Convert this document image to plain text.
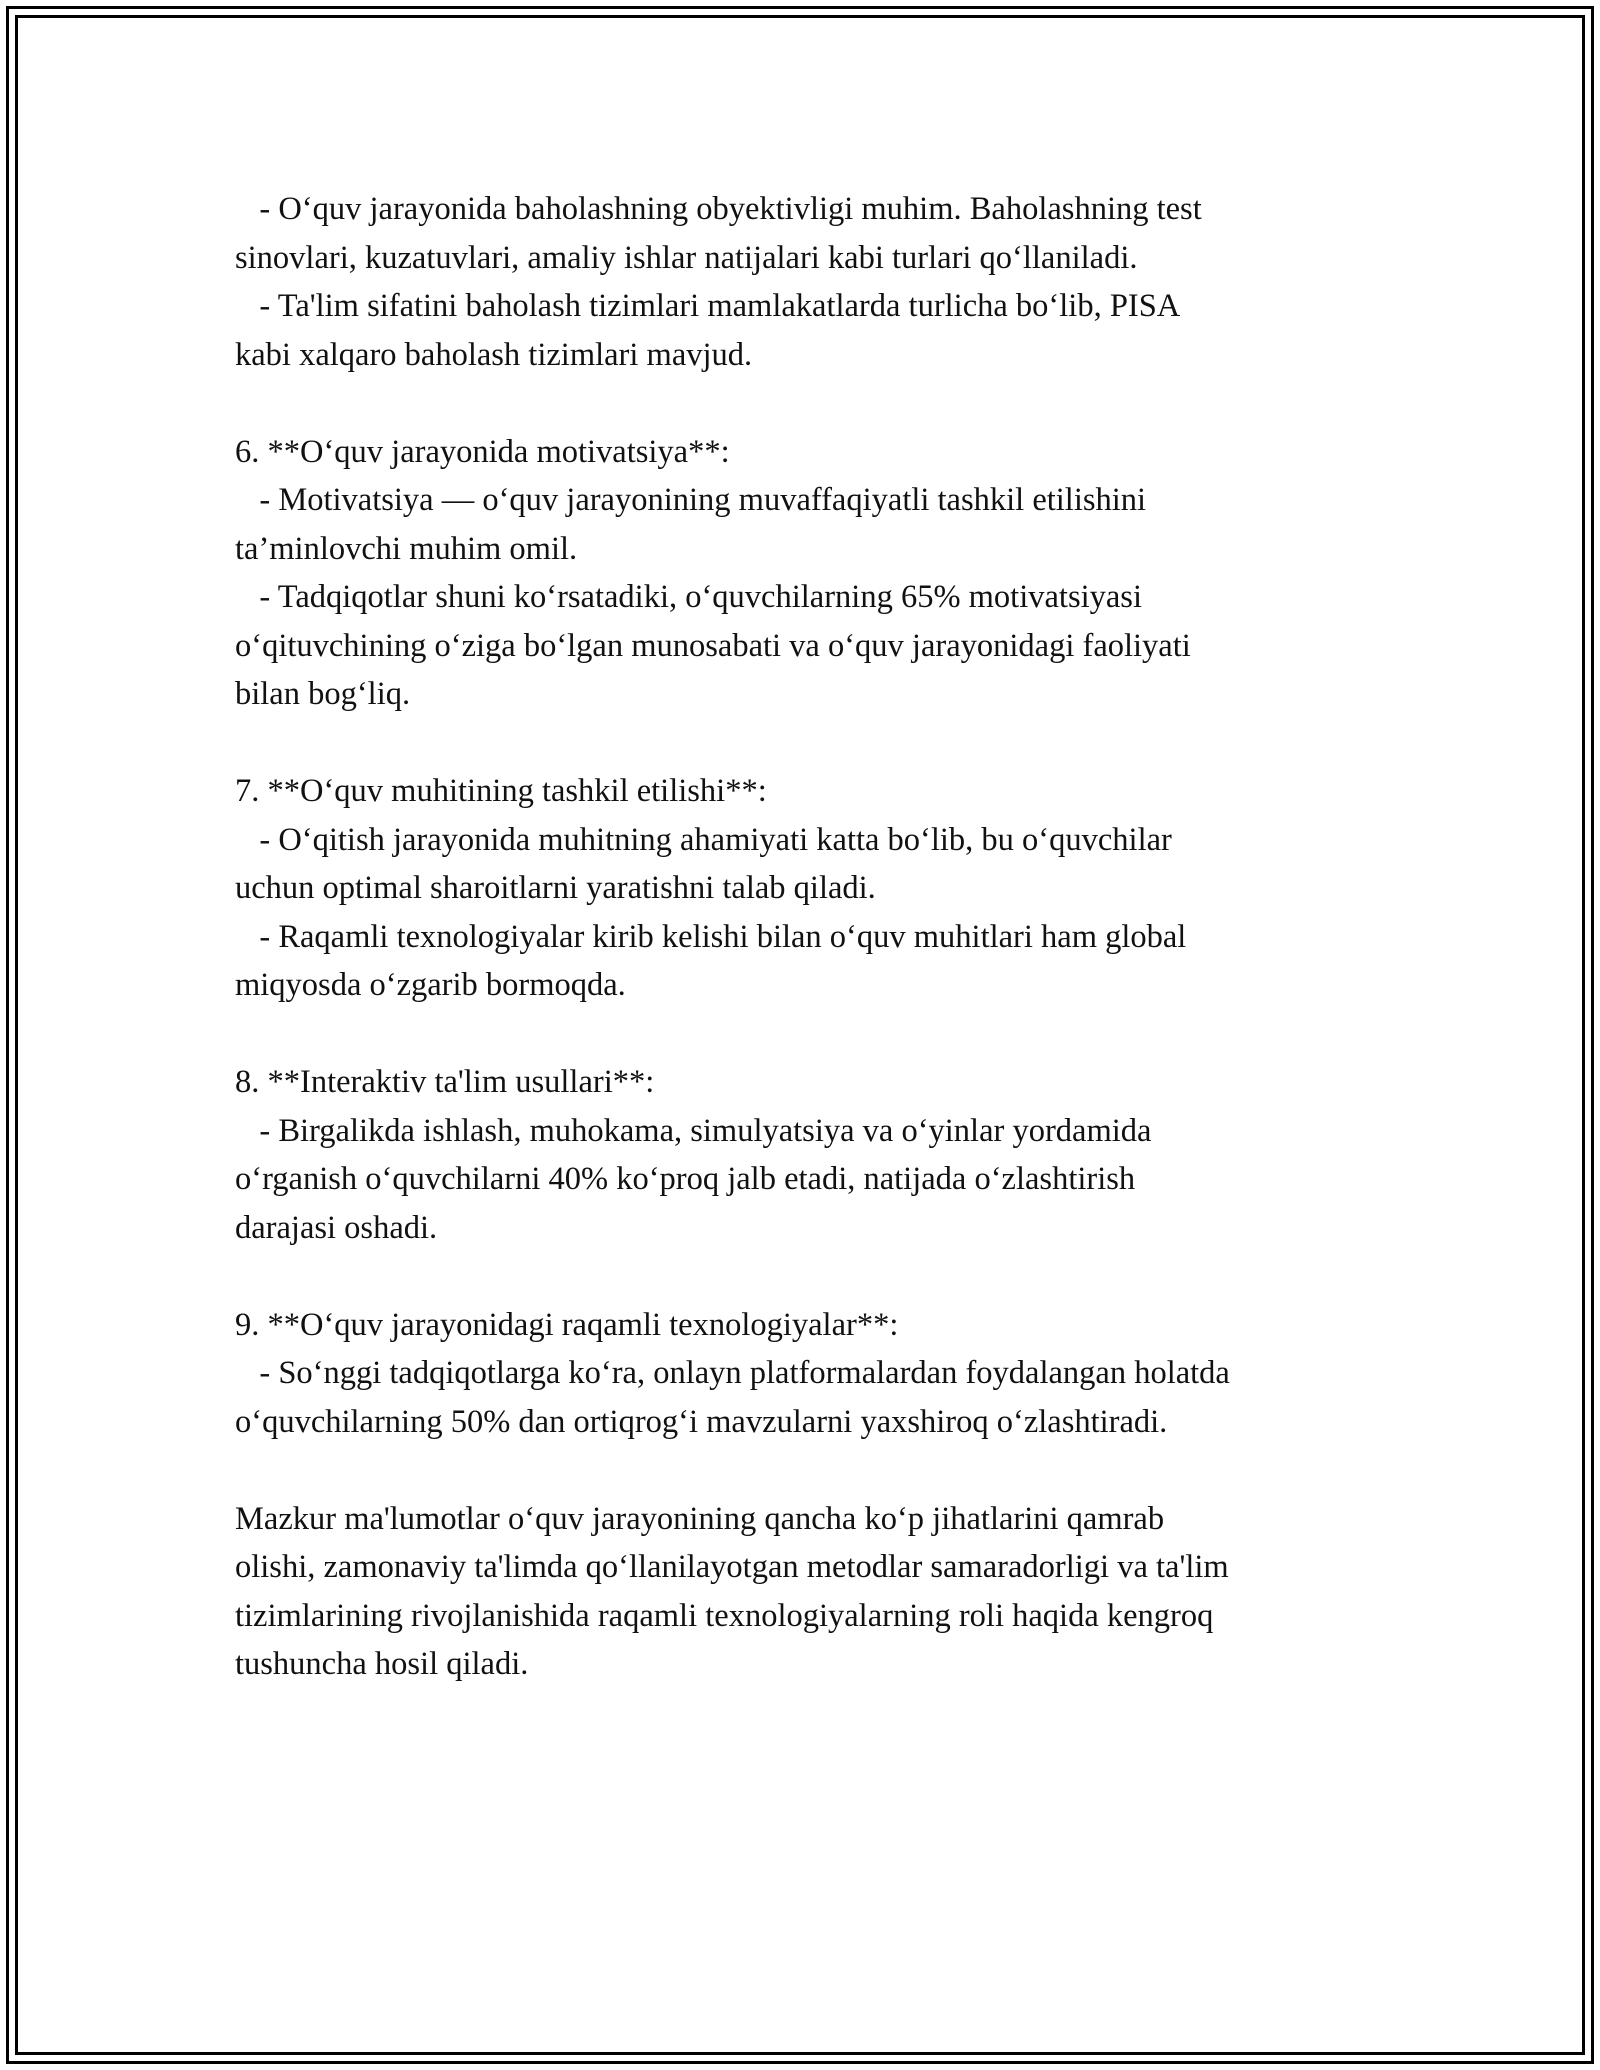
- O‘quv jarayonida baholashning obyektivligi muhim. Baholashning test
sinovlari, kuzatuvlari, amaliy ishlar natijalari kabi turlari qo‘llaniladi.
- Ta'lim sifatini baholash tizimlari mamlakatlarda turlicha bo‘lib, PISA
kabi xalqaro baholash tizimlari mavjud.
6. **O‘quv jarayonida motivatsiya**:
- Motivatsiya — o‘quv jarayonining muvaffaqiyatli tashkil etilishini
ta’minlovchi muhim omil.
- Tadqiqotlar shuni ko‘rsatadiki, o‘quvchilarning 65% motivatsiyasi
o‘qituvchining o‘ziga bo‘lgan munosabati va o‘quv jarayonidagi faoliyati
bilan bog‘liq.
7. **O‘quv muhitining tashkil etilishi**:
- O‘qitish jarayonida muhitning ahamiyati katta bo‘lib, bu o‘quvchilar
uchun optimal sharoitlarni yaratishni talab qiladi.
- Raqamli texnologiyalar kirib kelishi bilan o‘quv muhitlari ham global
miqyosda o‘zgarib bormoqda.
8. **Interaktiv ta'lim usullari**:
- Birgalikda ishlash, muhokama, simulyatsiya va o‘yinlar yordamida
o‘rganish o‘quvchilarni 40% ko‘proq jalb etadi, natijada o‘zlashtirish
darajasi oshadi.
9. **O‘quv jarayonidagi raqamli texnologiyalar**:
- So‘nggi tadqiqotlarga ko‘ra, onlayn platformalardan foydalangan holatda
o‘quvchilarning 50% dan ortiqrog‘i mavzularni yaxshiroq o‘zlashtiradi.
Mazkur ma'lumotlar o‘quv jarayonining qancha ko‘p jihatlarini qamrab
olishi, zamonaviy ta'limda qo‘llanilayotgan metodlar samaradorligi va ta'lim
tizimlarining rivojlanishida raqamli texnologiyalarning roli haqida kengroq
tushuncha hosil qiladi.
